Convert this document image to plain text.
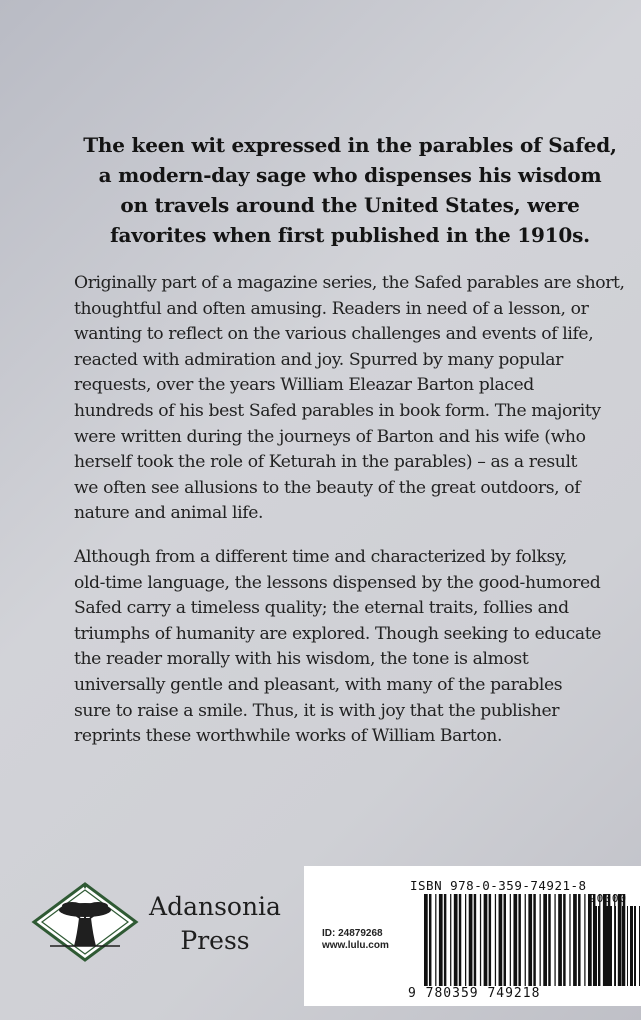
The keen wit expressed in the parables of Safed,
a modern-day sage who dispenses his wisdom
on travels around the United States, were
favorites when first published in the 1910s.
Originally part of a magazine series, the Safed parables are short,
thoughtful and often amusing. Readers in need of a lesson, or
wanting to reflect on the various challenges and events of life,
reacted with admiration and joy. Spurred by many popular
requests, over the years William Eleazar Barton placed
hundreds of his best Safed parables in book form. The majority
were written during the journeys of Barton and his wife (who
herself took the role of Keturah in the parables) – as a result
we often see allusions to the beauty of the great outdoors, of
nature and animal life.
Although from a different time and characterized by folksy,
old-time language, the lessons dispensed by the good-humored
Safed carry a timeless quality; the eternal traits, follies and
triumphs of humanity are explored. Though seeking to educate
the reader morally with his wisdom, the tone is almost
universally gentle and pleasant, with many of the parables
sure to raise a smile. Thus, it is with joy that the publisher
reprints these worthwhile works of William Barton.
Adansonia
Press
ISBN 978-0-359-74921-8
ID: 24879268
www.lulu.com
90000
9 780359 749218
